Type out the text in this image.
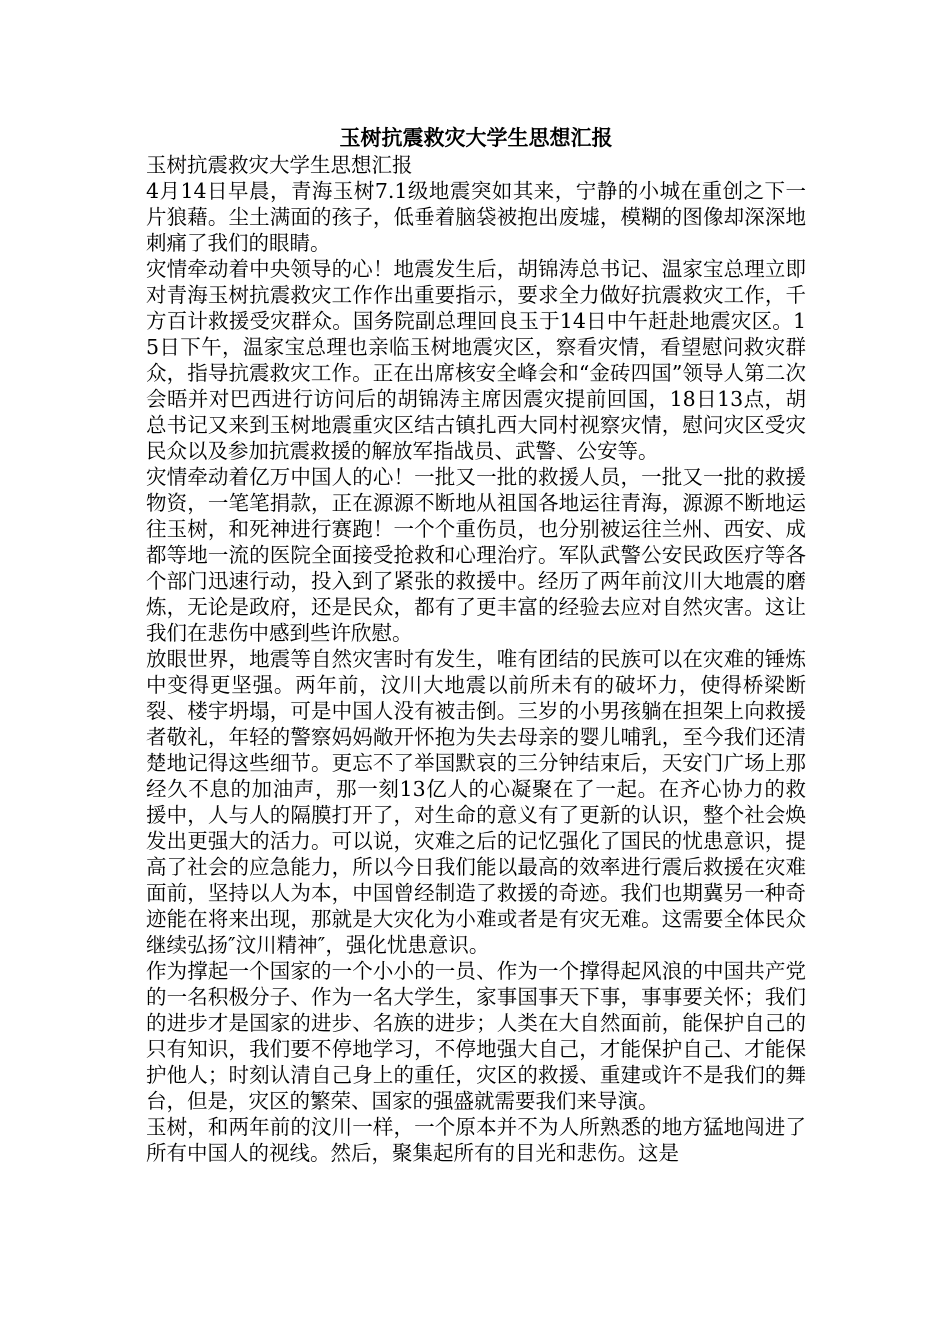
玉树抗震救灾大学生思想汇报

玉树抗震救灾大学生思想汇报

4月14日早晨，青海玉树7.1级地震突如其来，宁静的小城在重创之下一片狼藉。尘土满面的孩子，低垂着脑袋被抱出废墟，模糊的图像却深深地刺痛了我们的眼睛。

灾情牵动着中央领导的心！地震发生后，胡锦涛总书记、温家宝总理立即对青海玉树抗震救灾工作作出重要指示，要求全力做好抗震救灾工作，千方百计救援受灾群众。国务院副总理回良玉于14日中午赶赴地震灾区。15日下午，温家宝总理也亲临玉树地震灾区，察看灾情，看望慰问救灾群众，指导抗震救灾工作。正在出席核安全峰会和“金砖四国”领导人第二次会晤并对巴西进行访问后的胡锦涛主席因震灾提前回国，18日13点，胡总书记又来到玉树地震重灾区结古镇扎西大同村视察灾情，慰问灾区受灾民众以及参加抗震救援的解放军指战员、武警、公安等。

灾情牵动着亿万中国人的心！一批又一批的救援人员，一批又一批的救援物资，一笔笔捐款，正在源源不断地从祖国各地运往青海，源源不断地运往玉树，和死神进行赛跑！一个个重伤员，也分别被运往兰州、西安、成都等地一流的医院全面接受抢救和心理治疗。军队武警公安民政医疗等各个部门迅速行动，投入到了紧张的救援中。经历了两年前汶川大地震的磨炼，无论是政府，还是民众，都有了更丰富的经验去应对自然灾害。这让我们在悲伤中感到些许欣慰。

放眼世界，地震等自然灾害时有发生，唯有团结的民族可以在灾难的锤炼中变得更坚强。两年前，汶川大地震以前所未有的破坏力，使得桥梁断裂、楼宇坍塌，可是中国人没有被击倒。三岁的小男孩躺在担架上向救援者敬礼，年轻的警察妈妈敞开怀抱为失去母亲的婴儿哺乳，至今我们还清楚地记得这些细节。更忘不了举国默哀的三分钟结束后，天安门广场上那经久不息的加油声，那一刻13亿人的心凝聚在了一起。在齐心协力的救援中，人与人的隔膜打开了，对生命的意义有了更新的认识，整个社会焕发出更强大的活力。可以说，灾难之后的记忆强化了国民的忧患意识，提高了社会的应急能力，所以今日我们能以最高的效率进行震后救援在灾难面前，坚持以人为本，中国曾经制造了救援的奇迹。我们也期冀另一种奇迹能在将来出现，那就是大灾化为小难或者是有灾无难。这需要全体民众继续弘扬″汶川精神″，强化忧患意识。

作为撑起一个国家的一个小小的一员、作为一个撑得起风浪的中国共产党的一名积极分子、作为一名大学生，家事国事天下事，事事要关怀；我们的进步才是国家的进步、名族的进步；人类在大自然面前，能保护自己的只有知识，我们要不停地学习，不停地强大自己，才能保护自己、才能保护他人；时刻认清自己身上的重任，灾区的救援、重建或许不是我们的舞台，但是，灾区的繁荣、国家的强盛就需要我们来导演。

玉树，和两年前的汶川一样，一个原本并不为人所熟悉的地方猛地闯进了所有中国人的视线。然后，聚集起所有的目光和悲伤。这是
